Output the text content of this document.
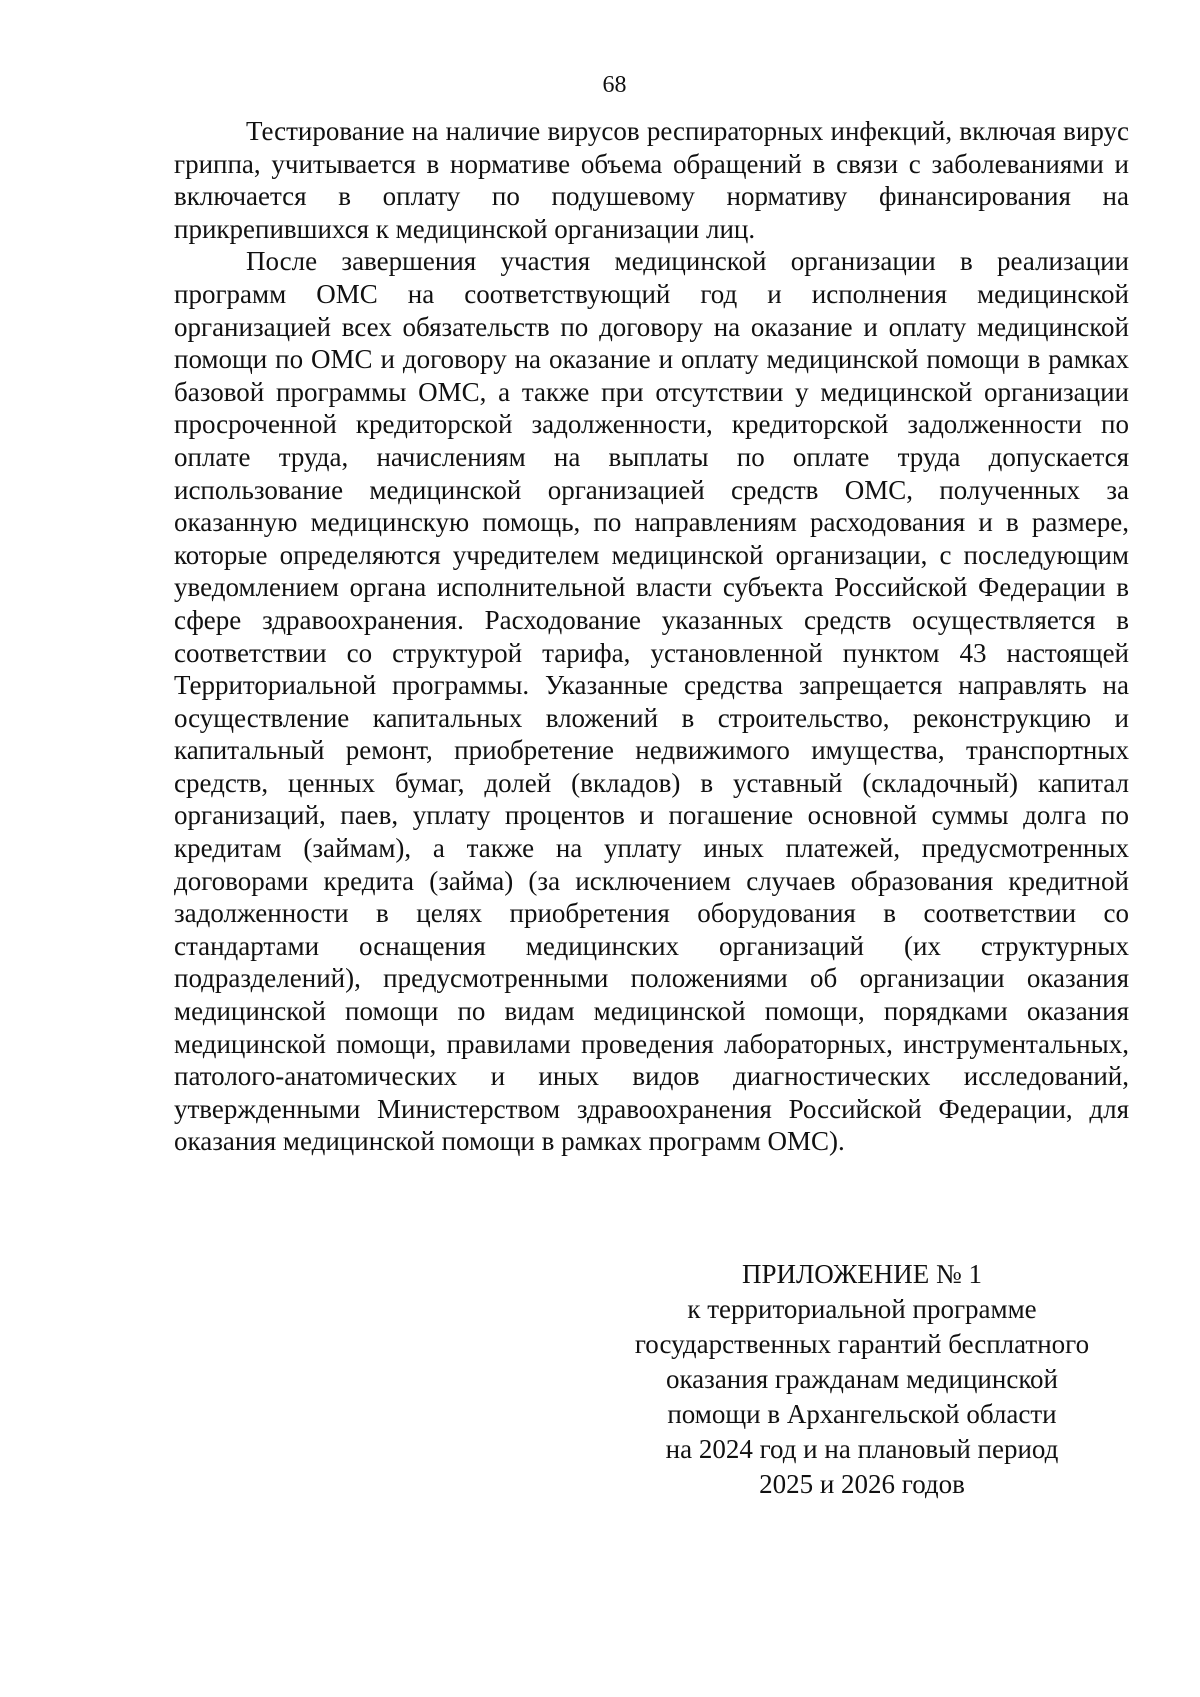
68

Тестирование на наличие вирусов респираторных инфекций, включая вирус гриппа, учитывается в нормативе объема обращений в связи с заболеваниями и включается в оплату по подушевому нормативу финансирования на прикрепившихся к медицинской организации лиц.

После завершения участия медицинской организации в реализации программ ОМС на соответствующий год и исполнения медицинской организацией всех обязательств по договору на оказание и оплату медицинской помощи по ОМС и договору на оказание и оплату медицинской помощи в рамках базовой программы ОМС, а также при отсутствии у медицинской организации просроченной кредиторской задолженности, кредиторской задолженности по оплате труда, начислениям на выплаты по оплате труда допускается использование медицинской организацией средств ОМС, полученных за оказанную медицинскую помощь, по направлениям расходования и в размере, которые определяются учредителем медицинской организации, с последующим уведомлением органа исполнительной власти субъекта Российской Федерации в сфере здравоохранения. Расходование указанных средств осуществляется в соответствии со структурой тарифа, установленной пунктом 43 настоящей Территориальной программы. Указанные средства запрещается направлять на осуществление капитальных вложений в строительство, реконструкцию и капитальный ремонт, приобретение недвижимого имущества, транспортных средств, ценных бумаг, долей (вкладов) в уставный (складочный) капитал организаций, паев, уплату процентов и погашение основной суммы долга по кредитам (займам), а также на уплату иных платежей, предусмотренных договорами кредита (займа) (за исключением случаев образования кредитной задолженности в целях приобретения оборудования в соответствии со стандартами оснащения медицинских организаций (их структурных подразделений), предусмотренными положениями об организации оказания медицинской помощи по видам медицинской помощи, порядками оказания медицинской помощи, правилами проведения лабораторных, инструментальных, патолого-анатомических и иных видов диагностических исследований, утвержденными Министерством здравоохранения Российской Федерации, для оказания медицинской помощи в рамках программ ОМС).

ПРИЛОЖЕНИЕ № 1
к территориальной программе
государственных гарантий бесплатного
оказания гражданам медицинской
помощи в Архангельской области
на 2024 год и на плановый период
2025 и 2026 годов
